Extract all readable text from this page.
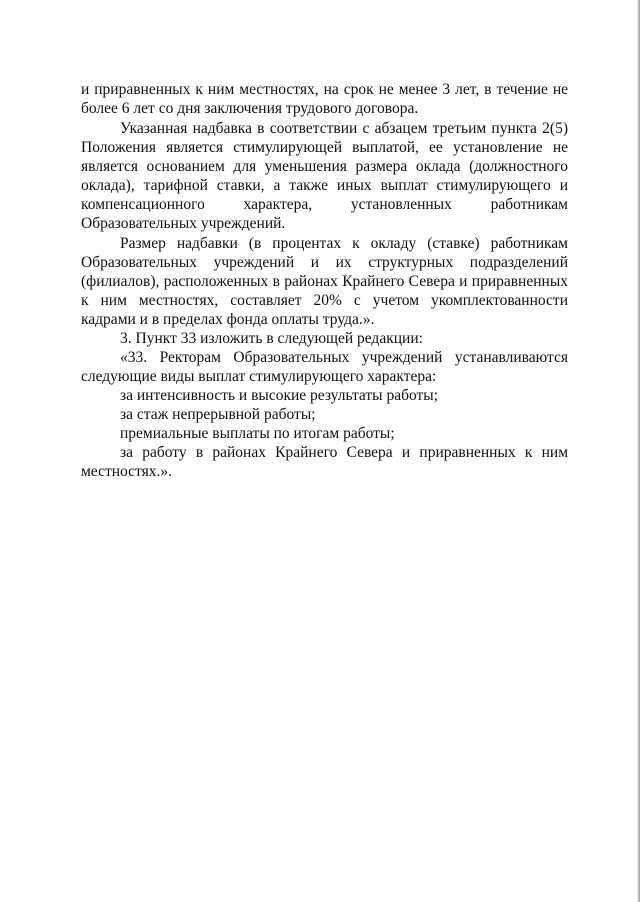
и приравненных к ним местностях, на срок не менее 3 лет, в течение не более 6 лет со дня заключения трудового договора.

Указанная надбавка в соответствии с абзацем третьим пункта 2(5) Положения является стимулирующей выплатой, ее установление не является основанием для уменьшения размера оклада (должностного оклада), тарифной ставки, а также иных выплат стимулирующего и компенсационного характера, установленных работникам Образовательных учреждений.

Размер надбавки (в процентах к окладу (ставке) работникам Образовательных учреждений и их структурных подразделений (филиалов), расположенных в районах Крайнего Севера и приравненных к ним местностях, составляет 20% с учетом укомплектованности кадрами и в пределах фонда оплаты труда.».

3. Пункт 33 изложить в следующей редакции:

«33. Ректорам Образовательных учреждений устанавливаются следующие виды выплат стимулирующего характера:

за интенсивность и высокие результаты работы;

за стаж непрерывной работы;

премиальные выплаты по итогам работы;

за работу в районах Крайнего Севера и приравненных к ним местностях.».
